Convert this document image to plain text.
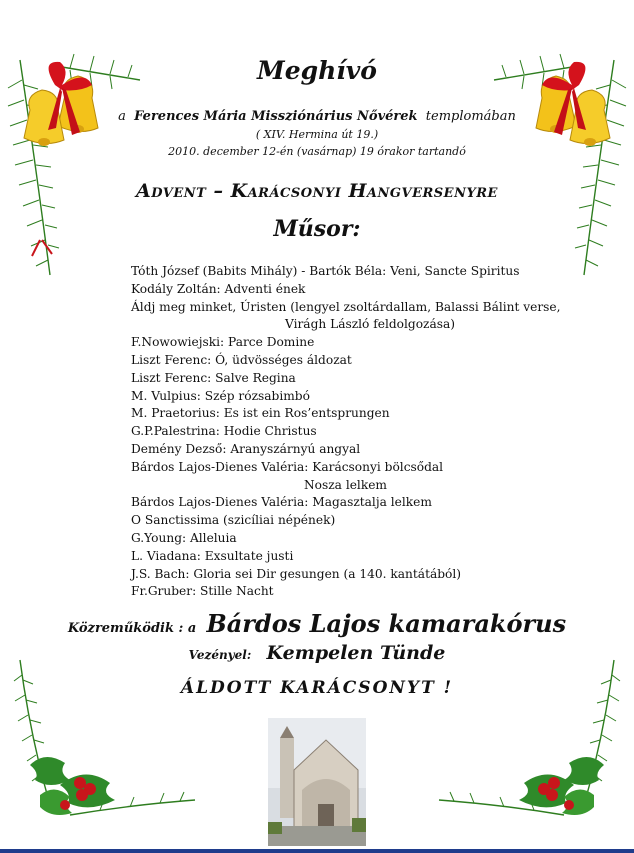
Meghívó
a Ferences Mária Missziónárius Nővérek templomában
( XIV. Hermina út 19.)
2010. december 12-én (vasárnap) 19 órakor tartandó
Advent – Karácsonyi Hangversenyre
Műsor:
Tóth József (Babits Mihály) - Bartók Béla: Veni, Sancte Spiritus
Kodály Zoltán: Adventi ének
Áldj meg minket, Úristen (lengyel zsoltárdallam, Balassi Bálint verse,
Virágh László feldolgozása)
F.Nowowiejski: Parce Domine
Liszt Ferenc: Ó, üdvösséges áldozat
Liszt Ferenc: Salve Regina
M. Vulpius: Szép rózsabimbó
M. Praetorius: Es ist ein Ros’entsprungen
G.P.Palestrina: Hodie Christus
Demény Dezső: Aranyszárnyú angyal
Bárdos Lajos-Dienes Valéria: Karácsonyi bölcsődal
Nosza lelkem
Bárdos Lajos-Dienes Valéria: Magasztalja lelkem
O Sanctissima (szicíliai népének)
G.Young: Alleluia
L. Viadana: Exsultate justi
J.S. Bach: Gloria sei Dir gesungen (a 140. kantátából)
Fr.Gruber: Stille Nacht
Közreműködik : a Bárdos Lajos kamarakórus
Vezényel: Kempelen Tünde
ÁLDOTT KARÁCSONYT !
